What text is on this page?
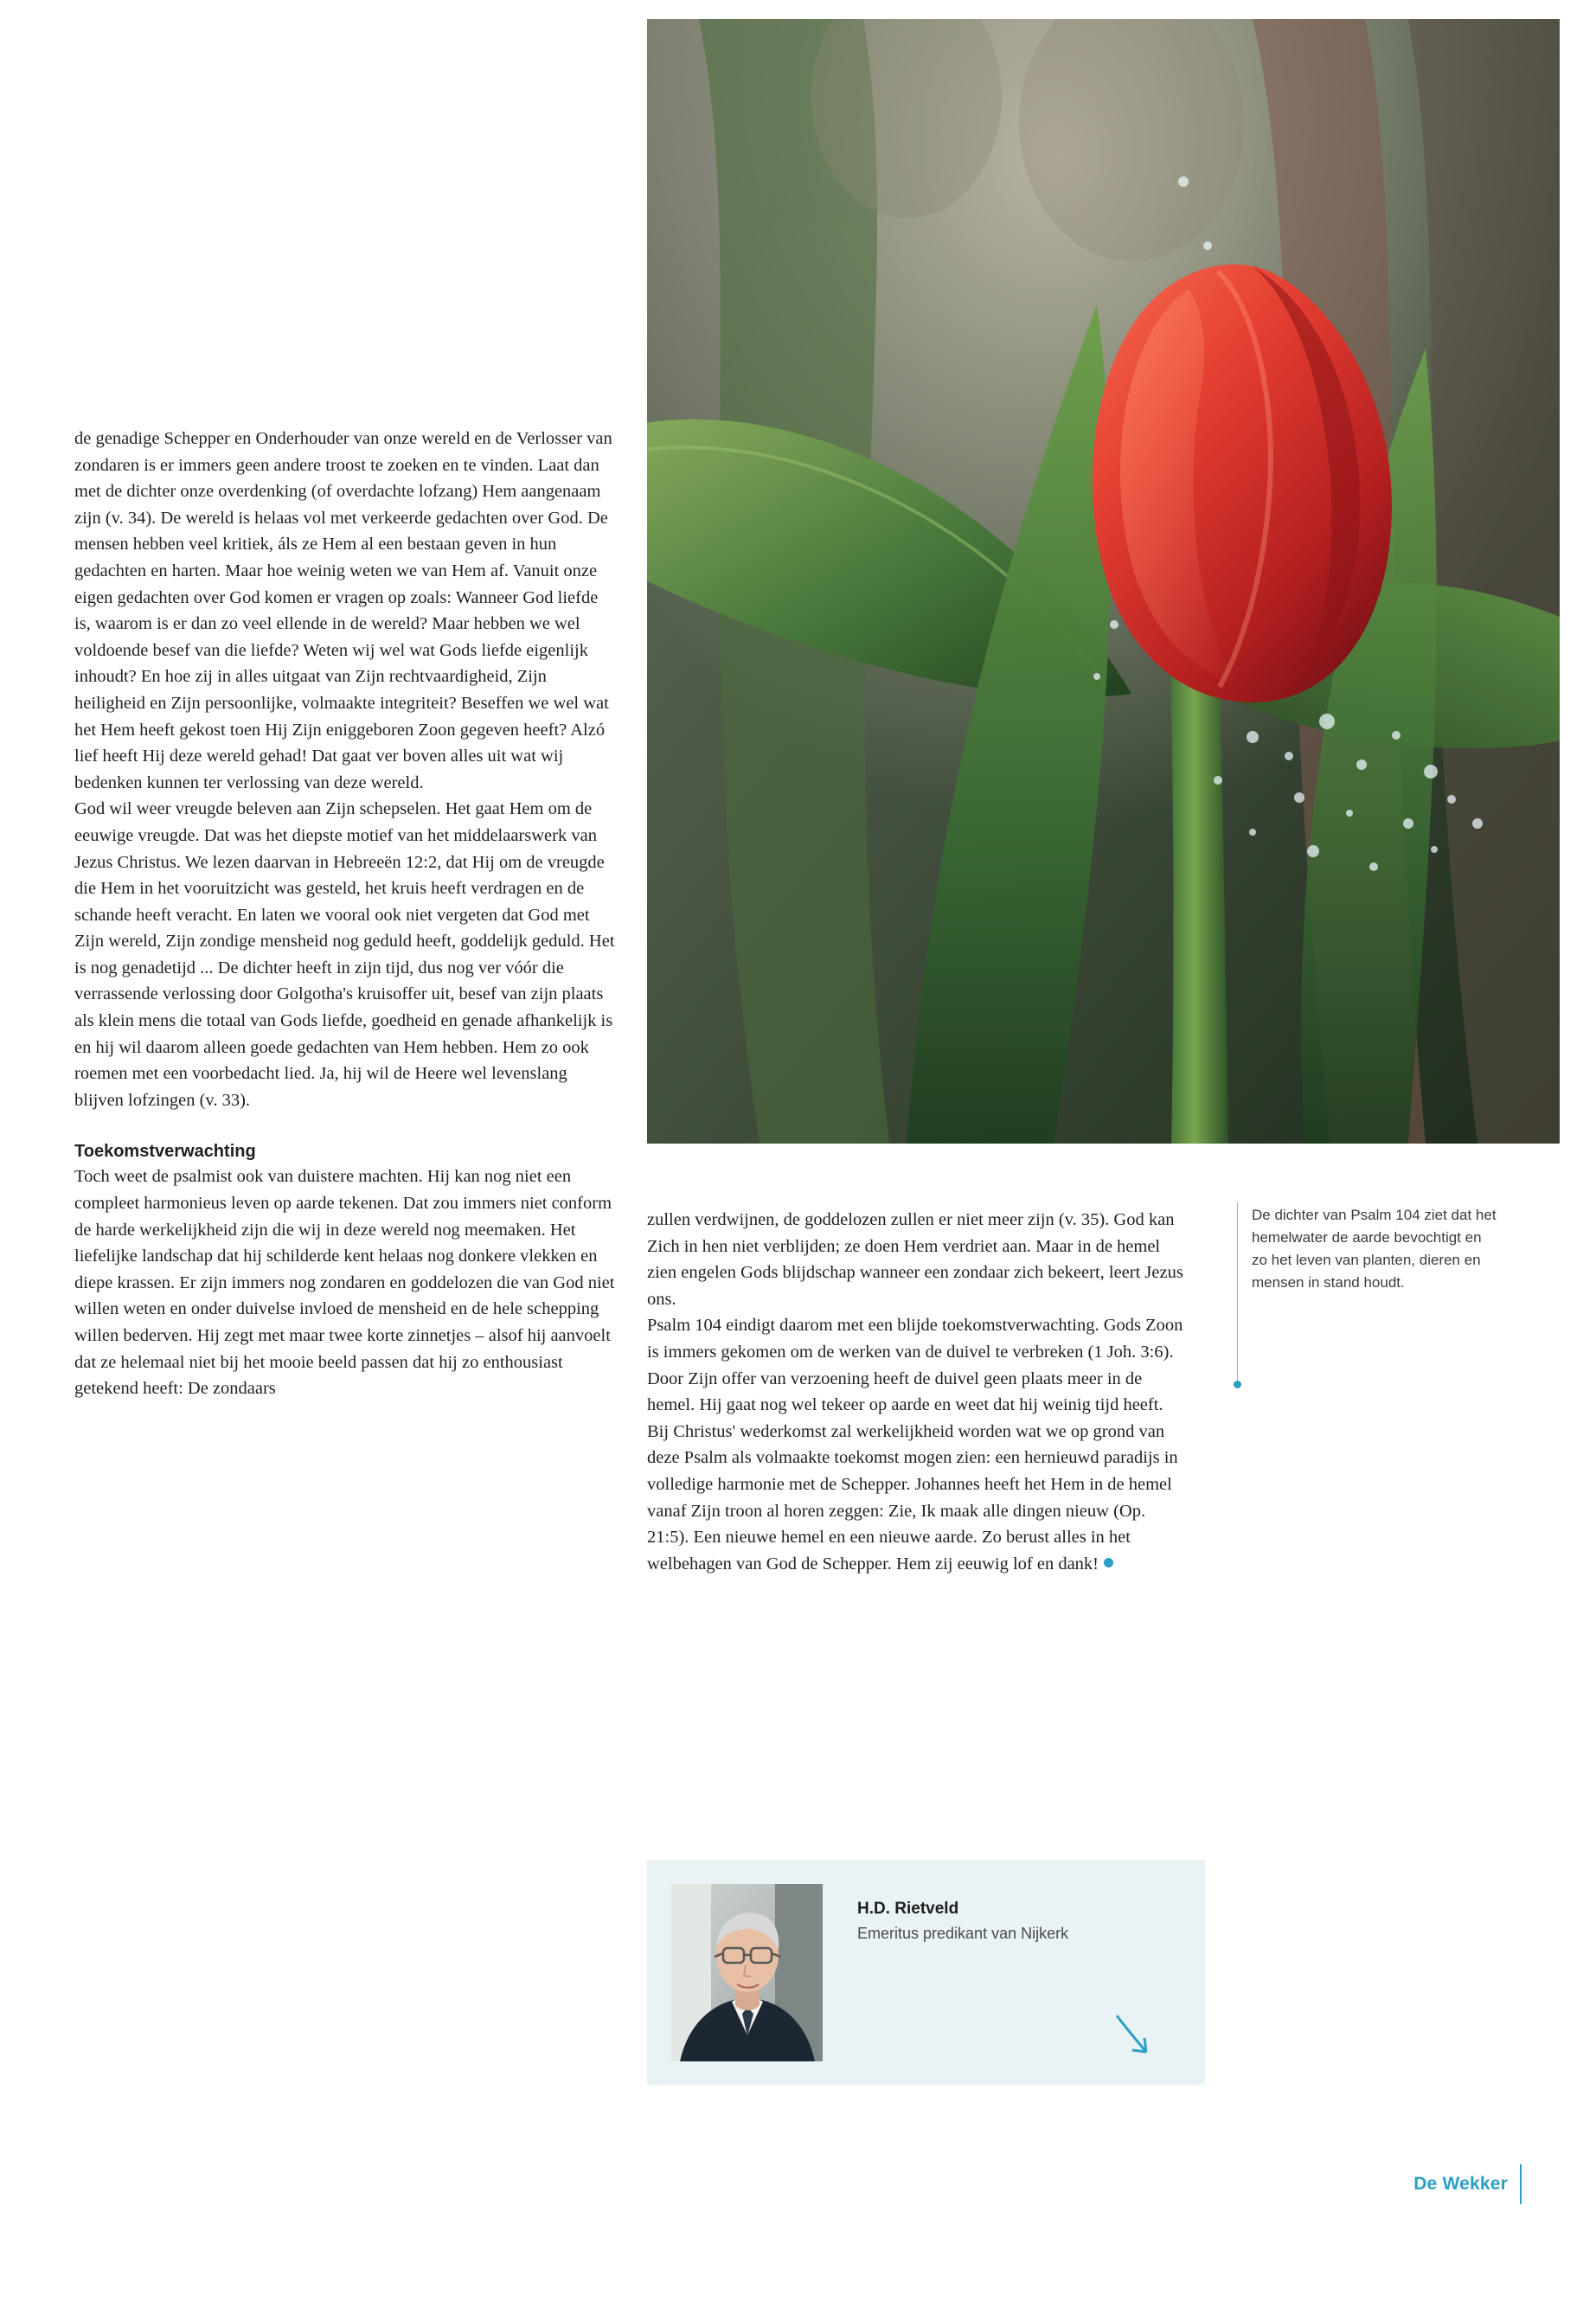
de genadige Schepper en Onderhouder van onze wereld en de Verlosser van zondaren is er immers geen andere troost te zoeken en te vinden. Laat dan met de dichter onze overdenking (of overdachte lofzang) Hem aangenaam zijn (v. 34). De wereld is helaas vol met verkeerde gedachten over God. De mensen hebben veel kritiek, áls ze Hem al een bestaan geven in hun gedachten en harten. Maar hoe weinig weten we van Hem af. Vanuit onze eigen gedachten over God komen er vragen op zoals: Wanneer God liefde is, waarom is er dan zo veel ellende in de wereld? Maar hebben we wel voldoende besef van die liefde? Weten wij wel wat Gods liefde eigenlijk inhoudt? En hoe zij in alles uitgaat van Zijn rechtvaardigheid, Zijn heiligheid en Zijn persoonlijke, volmaakte integriteit? Beseffen we wel wat het Hem heeft gekost toen Hij Zijn eniggeboren Zoon gegeven heeft? Alzó lief heeft Hij deze wereld gehad! Dat gaat ver boven alles uit wat wij bedenken kunnen ter verlossing van deze wereld.

God wil weer vreugde beleven aan Zijn schepselen. Het gaat Hem om de eeuwige vreugde. Dat was het diepste motief van het middelaarswerk van Jezus Christus. We lezen daarvan in Hebreeën 12:2, dat Hij om de vreugde die Hem in het vooruitzicht was gesteld, het kruis heeft verdragen en de schande heeft veracht. En laten we vooral ook niet vergeten dat God met Zijn wereld, Zijn zondige mensheid nog geduld heeft, goddelijk geduld. Het is nog genadetijd ... De dichter heeft in zijn tijd, dus nog ver vóór die verrassende verlossing door Golgotha's kruisoffer uit, besef van zijn plaats als klein mens die totaal van Gods liefde, goedheid en genade afhankelijk is en hij wil daarom alleen goede gedachten van Hem hebben. Hem zo ook roemen met een voorbedacht lied. Ja, hij wil de Heere wel levenslang blijven lofzingen (v. 33).

Toekomstverwachting

Toch weet de psalmist ook van duistere machten. Hij kan nog niet een compleet harmonieus leven op aarde tekenen. Dat zou immers niet conform de harde werkelijkheid zijn die wij in deze wereld nog meemaken. Het liefelijke landschap dat hij schilderde kent helaas nog donkere vlekken en diepe krassen. Er zijn immers nog zondaren en goddelozen die van God niet willen weten en onder duivelse invloed de mensheid en de hele schepping willen bederven. Hij zegt met maar twee korte zinnetjes – alsof hij aanvoelt dat ze helemaal niet bij het mooie beeld passen dat hij zo enthousiast getekend heeft: De zondaars

zullen verdwijnen, de goddelozen zullen er niet meer zijn (v. 35). God kan Zich in hen niet verblijden; ze doen Hem verdriet aan. Maar in de hemel zien engelen Gods blijdschap wanneer een zondaar zich bekeert, leert Jezus ons.

Psalm 104 eindigt daarom met een blijde toekomstverwachting. Gods Zoon is immers gekomen om de werken van de duivel te verbreken (1 Joh. 3:6). Door Zijn offer van verzoening heeft de duivel geen plaats meer in de hemel. Hij gaat nog wel tekeer op aarde en weet dat hij weinig tijd heeft. Bij Christus' wederkomst zal werkelijkheid worden wat we op grond van deze Psalm als volmaakte toekomst mogen zien: een hernieuwd paradijs in volledige harmonie met de Schepper. Johannes heeft het Hem in de hemel vanaf Zijn troon al horen zeggen: Zie, Ik maak alle dingen nieuw (Op. 21:5). Een nieuwe hemel en een nieuwe aarde. Zo berust alles in het welbehagen van God de Schepper. Hem zij eeuwig lof en dank!

De dichter van Psalm 104 ziet dat het hemelwater de aarde bevochtigt en zo het leven van planten, dieren en mensen in stand houdt.
H.D. Rietveld
Emeritus predikant van Nijkerk
De Wekker
